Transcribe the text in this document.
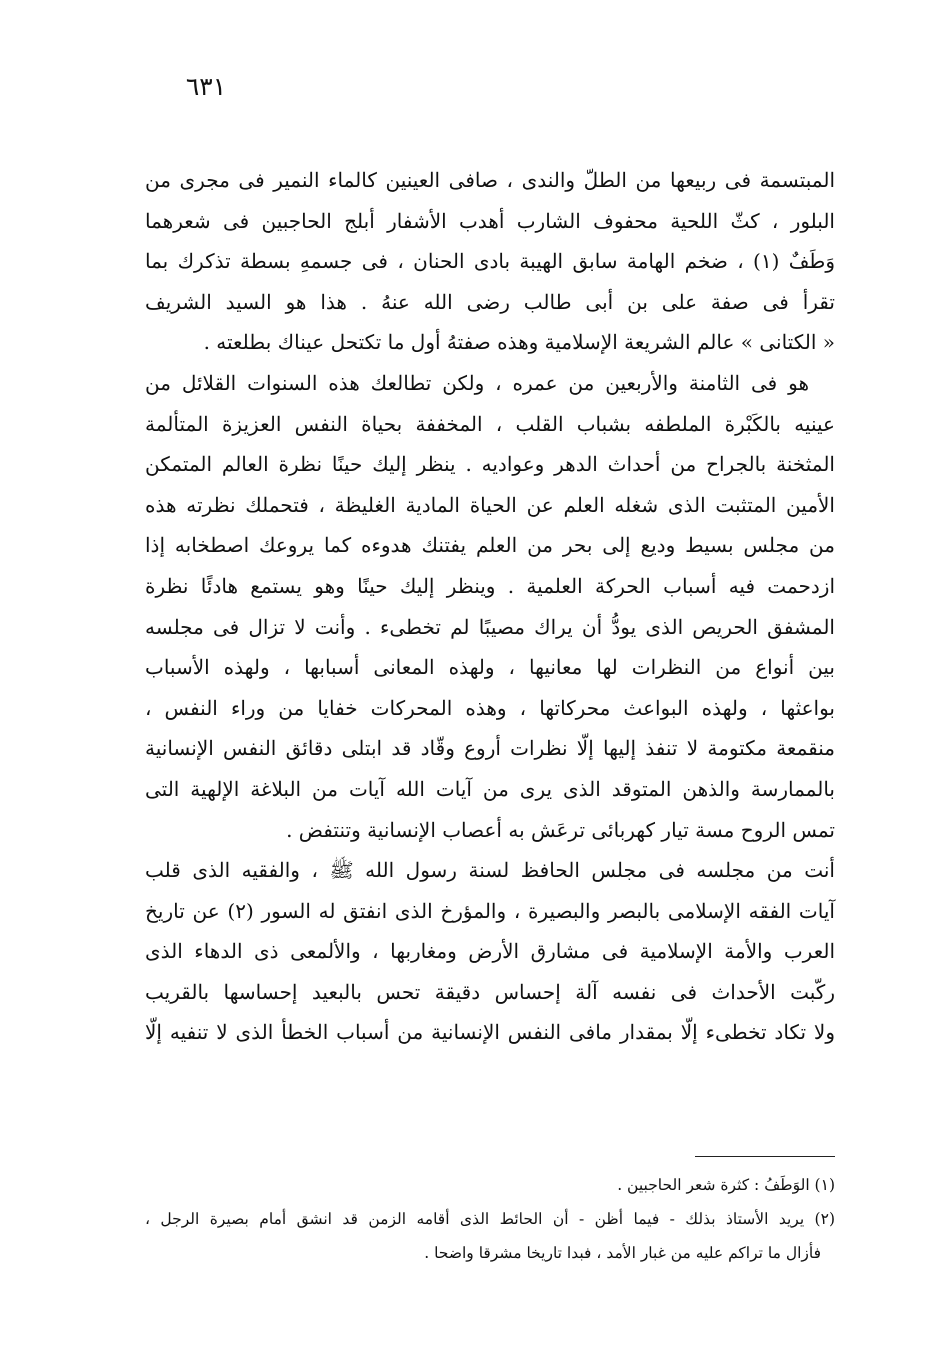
٦٣١
المبتسمة فى ربيعها من الطلّ والندى ، صافى العينين كالماء النمير فى مجرى من
البلور ، كثّ اللحية محفوف الشارب أهدب الأشفار أبلج الحاجبين فى شعرهما
وَطَفٌ (١) ، ضخم الهامة سابق الهيبة بادى الحنان ، فى جسمهِ بسطة تذكرك بما
تقرأ فى صفة على بن أبى طالب رضى الله عنهُ . هذا هو السيد الشريف
« الكتانى » عالم الشريعة الإسلامية وهذه صفتهُ أول ما تكتحل عيناك بطلعته .
هو فى الثامنة والأربعين من عمره ، ولكن تطالعك هذه السنوات القلائل من
عينيه بالكَبْرة الملطفه بشباب القلب ، المخففة بحياة النفس العزيزة المتألمة
المثخنة بالجراح من أحداث الدهر وعواديه . ينظر إليك حينًا نظرة العالم المتمكن
الأمين المتثبت الذى شغله العلم عن الحياة المادية الغليظة ، فتحملك نظرته هذه
من مجلس بسيط وديع إلى بحر من العلم يفتنك هدوءه كما يروعك اصطخابه إذا
ازدحمت فيه أسباب الحركة العلمية . وينظر إليك حينًا وهو يستمع هادئًا نظرة
المشفق الحريص الذى يودُّ أن يراك مصيبًا لم تخطىء . وأنت لا تزال فى مجلسه
بين أنواع من النظرات لها معانيها ، ولهذه المعانى أسبابها ، ولهذه الأسباب
بواعثها ، ولهذه البواعث محركاتها ، وهذه المحركات خفايا من وراء النفس ،
منقمعة مكتومة لا تنفذ إليها إلّا نظرات أروع وقّاد قد ابتلى دقائق النفس الإنسانية
بالممارسة والذهن المتوقد الذى يرى من آيات الله آيات من البلاغة الإلهية التى
تمس الروح مسة تيار كهربائى ترعَش به أعصاب الإنسانية وتنتفض .
أنت من مجلسه فى مجلس الحافظ لسنة رسول الله ﷺ ، والفقيه الذى قلب
آيات الفقه الإسلامى بالبصر والبصيرة ، والمؤرخ الذى انفتق له السور (٢) عن تاريخ
العرب والأمة الإسلامية فى مشارق الأرض ومغاربها ، والألمعى ذى الدهاء الذى
ركّبت الأحداث فى نفسه آلة إحساس دقيقة تحس بالبعيد إحساسها بالقريب
ولا تكاد تخطىء إلّا بمقدار مافى النفس الإنسانية من أسباب الخطأ الذى لا تنفيه إلّا
(١) الوَطَفُ : كثرة شعر الحاجبين .
(٢) يريد الأستاذ بذلك - فيما أظن - أن الحائط الذى أقامه الزمن قد انشق أمام بصيرة الرجل ،
فأزال ما تراكم عليه من غبار الأمد ، فبدا تاريخا مشرقا واضحا .
